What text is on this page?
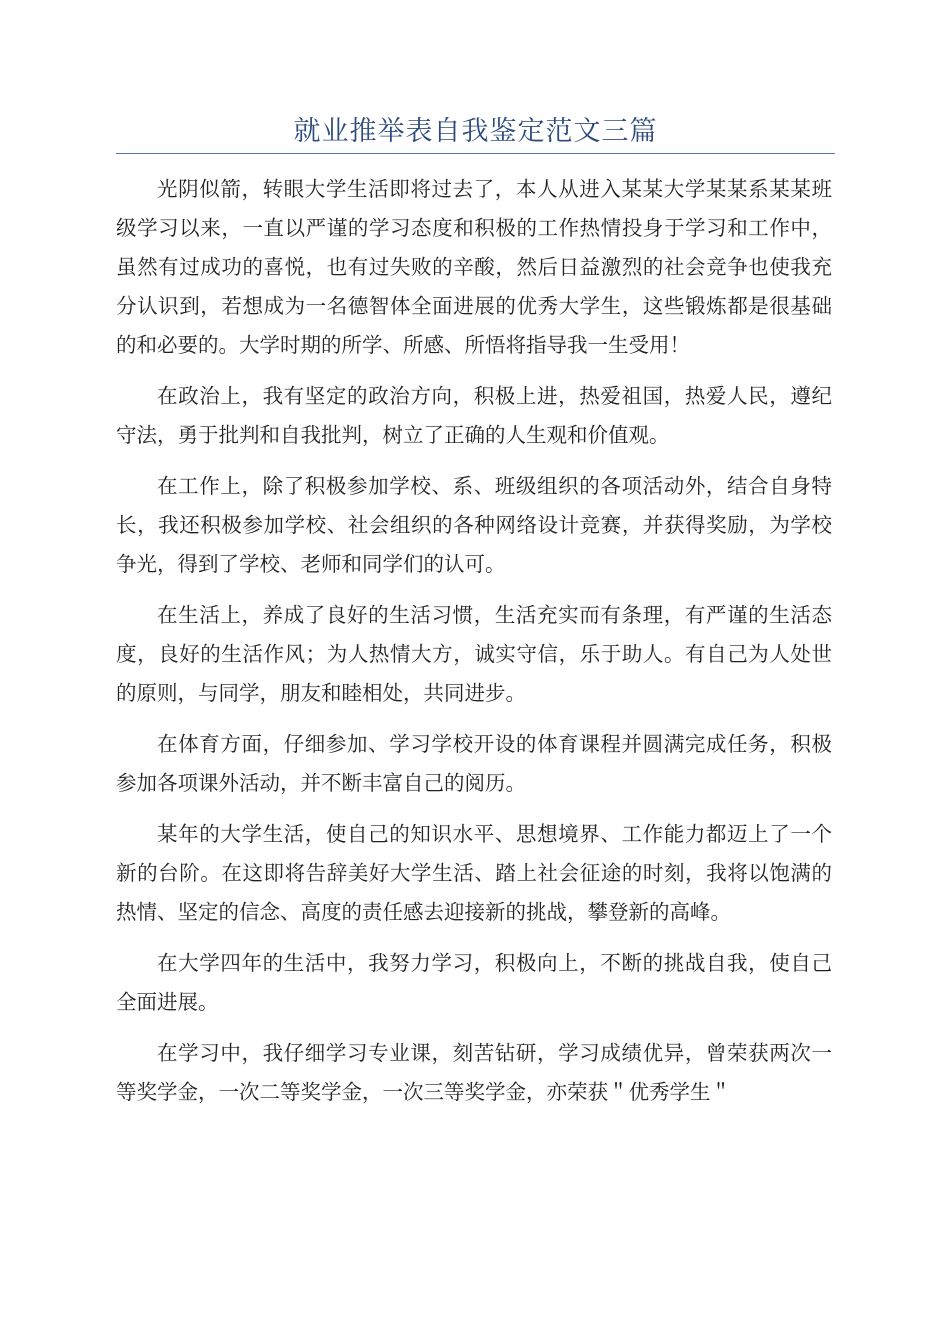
就业推举表自我鉴定范文三篇

光阴似箭，转眼大学生活即将过去了，本人从进入某某大学某某系某某班级学习以来，一直以严谨的学习态度和积极的工作热情投身于学习和工作中，虽然有过成功的喜悦，也有过失败的辛酸，然后日益激烈的社会竞争也使我充分认识到，若想成为一名德智体全面进展的优秀大学生，这些锻炼都是很基础的和必要的。大学时期的所学、所感、所悟将指导我一生受用！

在政治上，我有坚定的政治方向，积极上进，热爱祖国，热爱人民，遵纪守法，勇于批判和自我批判，树立了正确的人生观和价值观。

在工作上，除了积极参加学校、系、班级组织的各项活动外，结合自身特长，我还积极参加学校、社会组织的各种网络设计竞赛，并获得奖励，为学校争光，得到了学校、老师和同学们的认可。

在生活上，养成了良好的生活习惯，生活充实而有条理，有严谨的生活态度，良好的生活作风；为人热情大方，诚实守信，乐于助人。有自己为人处世的原则，与同学，朋友和睦相处，共同进步。

在体育方面，仔细参加、学习学校开设的体育课程并圆满完成任务，积极参加各项课外活动，并不断丰富自己的阅历。

某年的大学生活，使自己的知识水平、思想境界、工作能力都迈上了一个新的台阶。在这即将告辞美好大学生活、踏上社会征途的时刻，我将以饱满的热情、坚定的信念、高度的责任感去迎接新的挑战，攀登新的高峰。

在大学四年的生活中，我努力学习，积极向上，不断的挑战自我，使自己全面进展。

在学习中，我仔细学习专业课，刻苦钻研，学习成绩优异，曾荣获两次一等奖学金，一次二等奖学金，一次三等奖学金，亦荣获＂优秀学生＂
